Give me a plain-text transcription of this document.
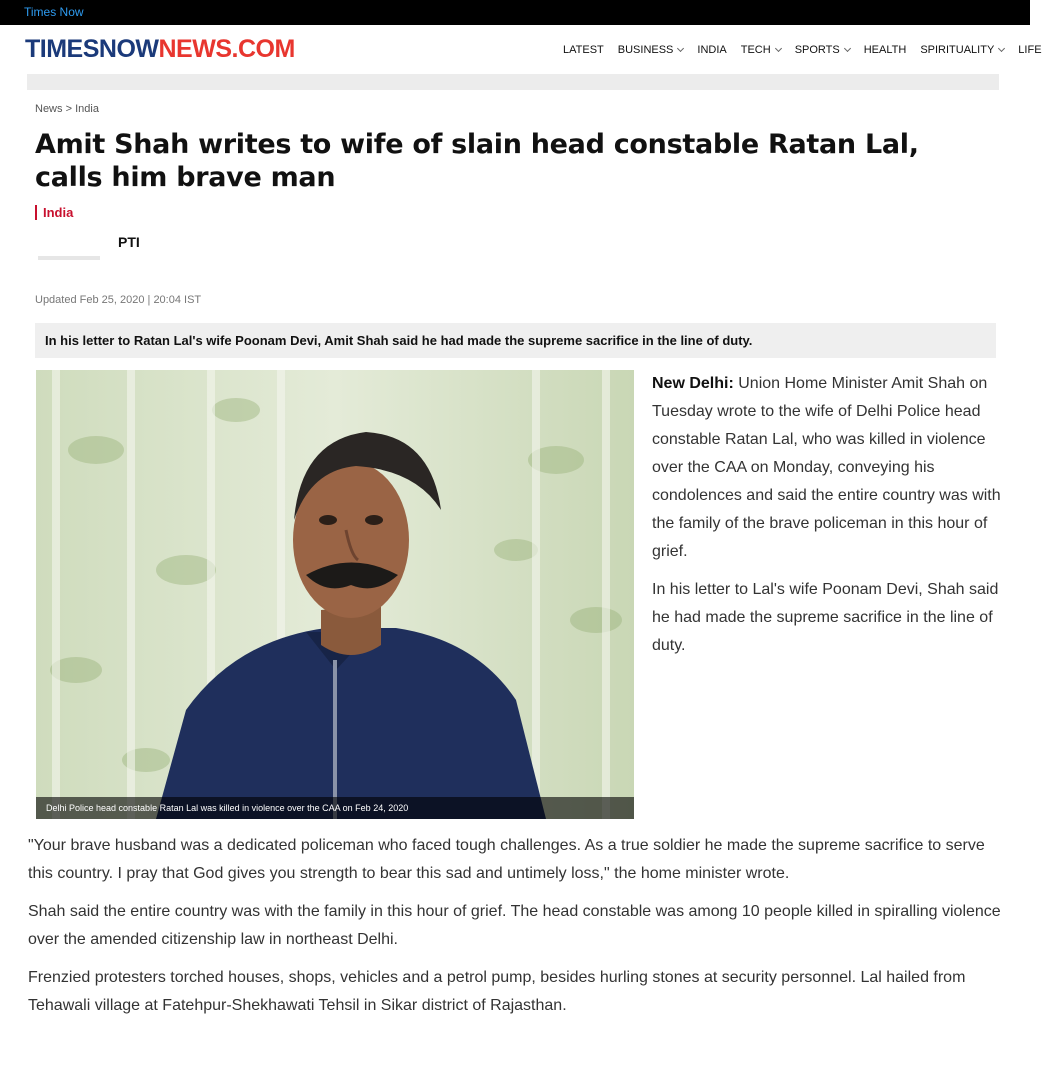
Times Now
TIMESNOWNEWS.COM	LATEST BUSINESS INDIA TECH SPORTS HEALTH SPIRITUALITY LIFE
News > India
Amit Shah writes to wife of slain head constable Ratan Lal, calls him brave man
India
PTI
Updated Feb 25, 2020 | 20:04 IST
In his letter to Ratan Lal's wife Poonam Devi, Amit Shah said he had made the supreme sacrifice in the line of duty.
Delhi Police head constable Ratan Lal was killed in violence over the CAA on Feb 24, 2020

New Delhi: Union Home Minister Amit Shah on Tuesday wrote to the wife of Delhi Police head constable Ratan Lal, who was killed in violence over the CAA on Monday, conveying his condolences and said the entire country was with the family of the brave policeman in this hour of grief.

In his letter to Lal's wife Poonam Devi, Shah said he had made the supreme sacrifice in the line of duty.

"Your brave husband was a dedicated policeman who faced tough challenges. As a true soldier he made the supreme sacrifice to serve this country. I pray that God gives you strength to bear this sad and untimely loss," the home minister wrote.

Shah said the entire country was with the family in this hour of grief. The head constable was among 10 people killed in spiralling violence over the amended citizenship law in northeast Delhi.

Frenzied protesters torched houses, shops, vehicles and a petrol pump, besides hurling stones at security personnel. Lal hailed from Tehawali village at Fatehpur-Shekhawati Tehsil in Sikar district of Rajasthan.
